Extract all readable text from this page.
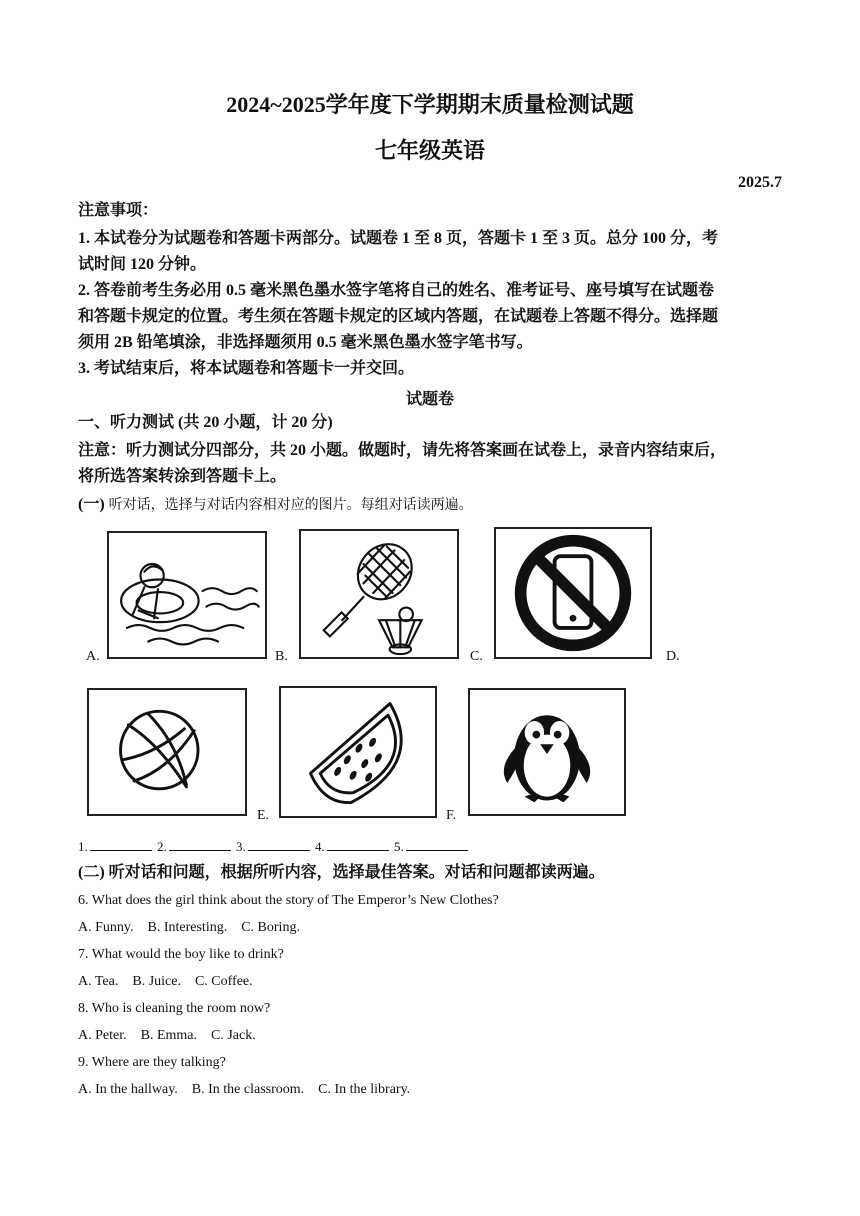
2024~2025学年度下学期期末质量检测试题
七年级英语
2025.7
注意事项：
1. 本试卷分为试题卷和答题卡两部分。试题卷 1 至 8 页，答题卡 1 至 3 页。总分 100 分，考
试时间 120 分钟。
2. 答卷前考生务必用 0.5 毫米黑色墨水签字笔将自己的姓名、准考证号、座号填写在试题卷
和答题卡规定的位置。考生须在答题卡规定的区域内答题，在试题卷上答题不得分。选择题
须用 2B 铅笔填涂，非选择题须用 0.5 毫米黑色墨水签字笔书写。
3. 考试结束后，将本试题卷和答题卡一并交回。
试题卷
一、听力测试 (共 20 小题，计 20 分)
注意：听力测试分四部分，共 20 小题。做题时，请先将答案画在试卷上，录音内容结束后，
将所选答案转涂到答题卡上。
(一) 听对话，选择与对话内容相对应的图片。每组对话读两遍。
A.	B.	C.	D.
E.	F.
1.	2.	3.	4.	5.
(二) 听对话和问题，根据所听内容，选择最佳答案。对话和问题都读两遍。
6. What does the girl think about the story of The Emperor’s New Clothes?
A. Funny. B. Interesting. C. Boring.
7. What would the boy like to drink?
A. Tea. B. Juice. C. Coffee.
8. Who is cleaning the room now?
A. Peter. B. Emma. C. Jack.
9. Where are they talking?
A. In the hallway. B. In the classroom. C. In the library.
